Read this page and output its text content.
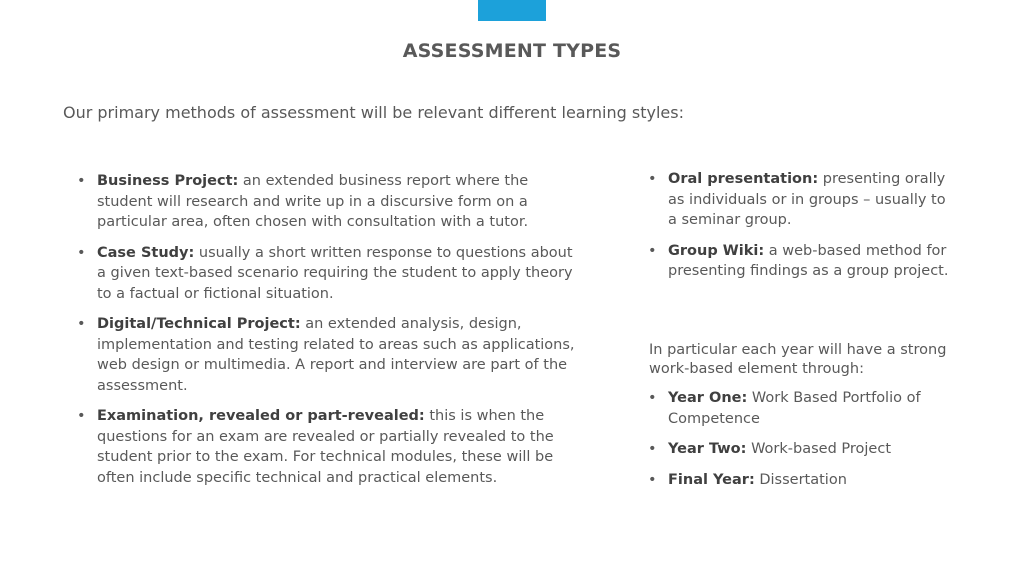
ASSESSMENT TYPES
Our primary methods of assessment will be relevant different learning styles:
• Business Project: an extended business report where the student will research and write up in a discursive form on a particular area, often chosen with consultation with a tutor.
• Case Study: usually a short written response to questions about a given text-based scenario requiring the student to apply theory to a factual or fictional situation.
• Digital/Technical Project: an extended analysis, design, implementation and testing related to areas such as applications, web design or multimedia. A report and interview are part of the assessment.
• Examination, revealed or part-revealed: this is when the questions for an exam are revealed or partially revealed to the student prior to the exam. For technical modules, these will be often include specific technical and practical elements.
• Oral presentation: presenting orally as individuals or in groups – usually to a seminar group.
• Group Wiki: a web-based method for presenting findings as a group project.
In particular each year will have a strong work-based element through:
• Year One: Work Based Portfolio of Competence
• Year Two: Work-based Project
• Final Year: Dissertation
